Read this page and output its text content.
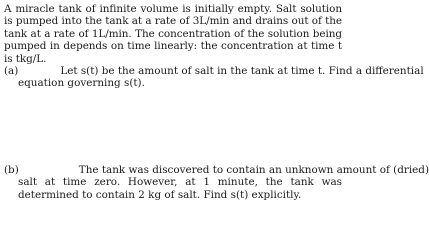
A miracle tank of infinite volume is initially empty. Salt solution is pumped into the tank at a rate of 3L/min and drains out of the tank at a rate of 1L/min. The concentration of the solution being pumped in depends on time linearly: the concentration at time t is tkg/L.

(a)	Let s(t) be the amount of salt in the tank at time t. Find a differential
equation governing s(t).
(b)	The tank was discovered to contain an unknown amount of (dried)
salt at time zero. However, at 1 minute, the tank was determined to contain 2 kg of salt. Find s(t) explicitly.
